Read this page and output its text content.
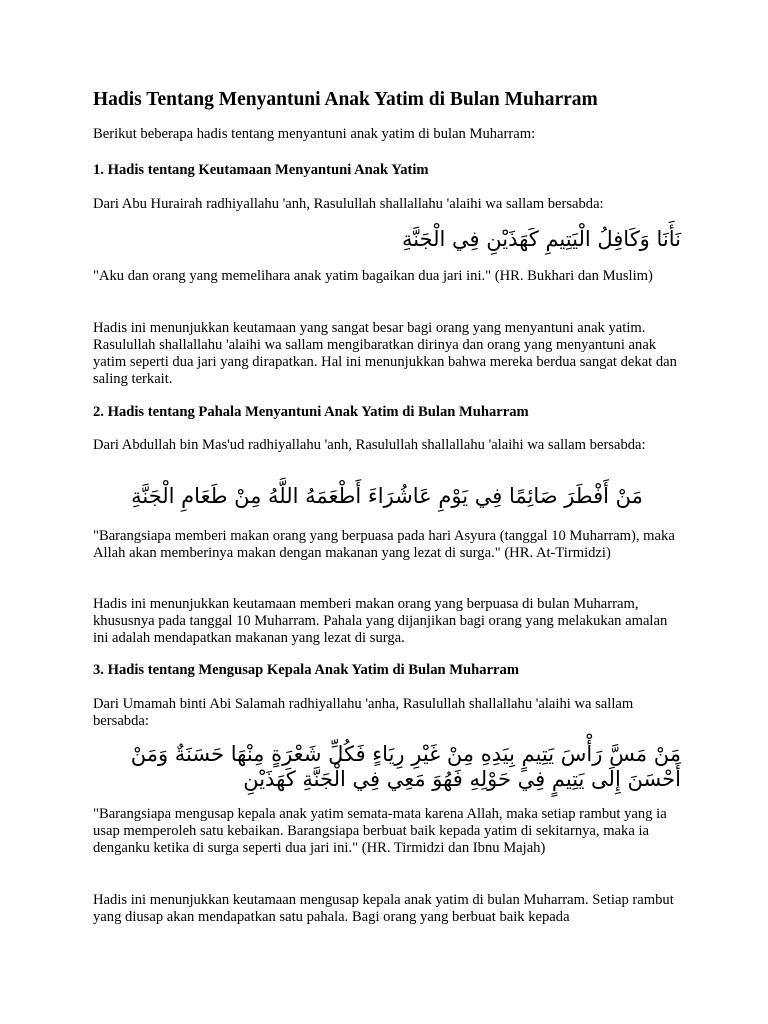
Hadis Tentang Menyantuni Anak Yatim di Bulan Muharram

Berikut beberapa hadis tentang menyantuni anak yatim di bulan Muharram:

1. Hadis tentang Keutamaan Menyantuni Anak Yatim

Dari Abu Hurairah radhiyallahu 'anh, Rasulullah shallallahu 'alaihi wa sallam bersabda:

نَأَنَا وَكَافِلُ الْيَتِيمِ كَهَذَيْنِ فِي الْجَنَّةِ

"Aku dan orang yang memelihara anak yatim bagaikan dua jari ini." (HR. Bukhari dan Muslim)

Hadis ini menunjukkan keutamaan yang sangat besar bagi orang yang menyantuni anak yatim. Rasulullah shallallahu 'alaihi wa sallam mengibaratkan dirinya dan orang yang menyantuni anak yatim seperti dua jari yang dirapatkan. Hal ini menunjukkan bahwa mereka berdua sangat dekat dan saling terkait.

2. Hadis tentang Pahala Menyantuni Anak Yatim di Bulan Muharram

Dari Abdullah bin Mas'ud radhiyallahu 'anh, Rasulullah shallallahu 'alaihi wa sallam bersabda:

مَنْ أَفْطَرَ صَائِمًا فِي يَوْمِ عَاشُرَاءَ أَطْعَمَهُ اللَّهُ مِنْ طَعَامِ الْجَنَّةِ

"Barangsiapa memberi makan orang yang berpuasa pada hari Asyura (tanggal 10 Muharram), maka Allah akan memberinya makan dengan makanan yang lezat di surga." (HR. At-Tirmidzi)

Hadis ini menunjukkan keutamaan memberi makan orang yang berpuasa di bulan Muharram, khususnya pada tanggal 10 Muharram. Pahala yang dijanjikan bagi orang yang melakukan amalan ini adalah mendapatkan makanan yang lezat di surga.

3. Hadis tentang Mengusap Kepala Anak Yatim di Bulan Muharram

Dari Umamah binti Abi Salamah radhiyallahu 'anha, Rasulullah shallallahu 'alaihi wa sallam bersabda:

مَنْ مَسَّ رَأْسَ يَتِيمٍ بِيَدِهِ مِنْ غَيْرِ رِيَاءٍ فَكُلِّ شَعْرَةٍ مِنْهَا حَسَنَةٌ وَمَنْ أَحْسَنَ إِلَى يَتِيمٍ فِي حَوْلِهِ فَهُوَ مَعِي فِي الْجَنَّةِ كَهَذَيْنِ

"Barangsiapa mengusap kepala anak yatim semata-mata karena Allah, maka setiap rambut yang ia usap memperoleh satu kebaikan. Barangsiapa berbuat baik kepada yatim di sekitarnya, maka ia denganku ketika di surga seperti dua jari ini." (HR. Tirmidzi dan Ibnu Majah)

Hadis ini menunjukkan keutamaan mengusap kepala anak yatim di bulan Muharram. Setiap rambut yang diusap akan mendapatkan satu pahala. Bagi orang yang berbuat baik kepada
